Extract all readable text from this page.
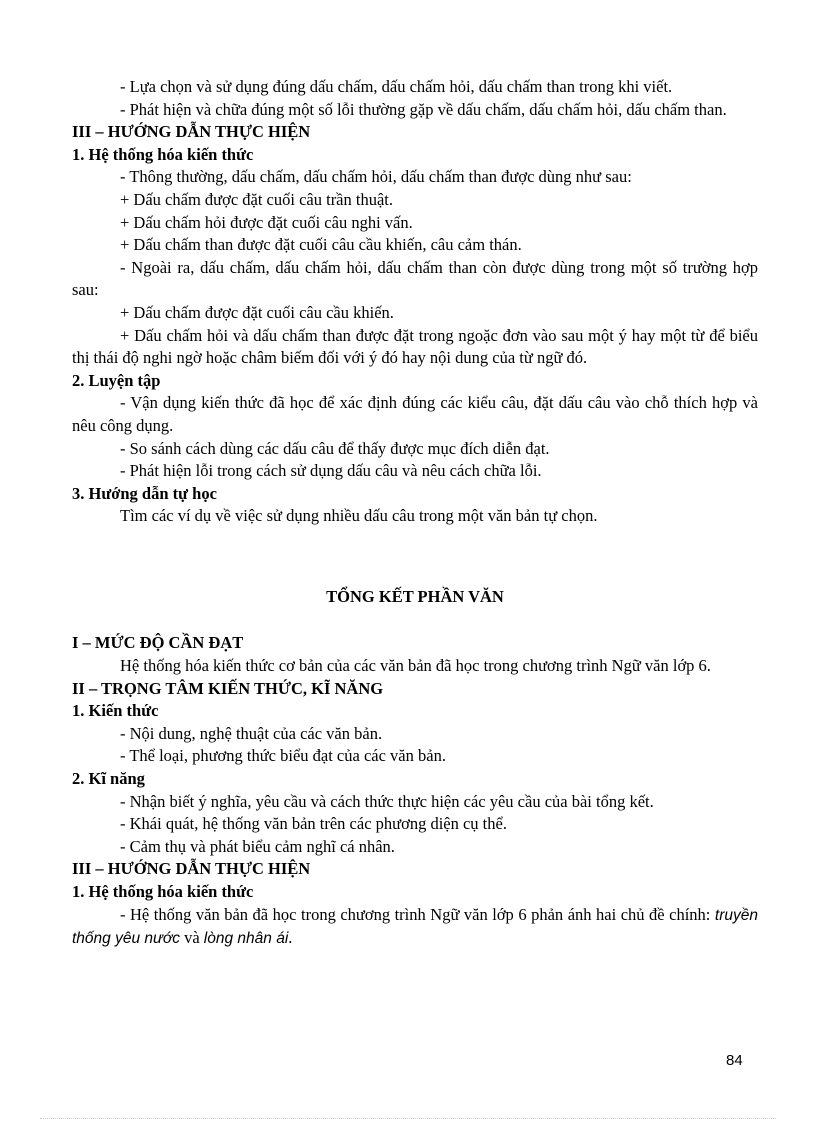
- Lựa chọn và sử dụng đúng dấu chấm, dấu chấm hỏi, dấu chấm than trong khi viết.

- Phát hiện và chữa đúng một số lỗi thường gặp về dấu chấm, dấu chấm hỏi, dấu chấm than.

III – HƯỚNG DẪN THỰC HIỆN

1. Hệ thống hóa kiến thức

- Thông thường, dấu chấm, dấu chấm hỏi, dấu chấm than được dùng như sau:

+ Dấu chấm được đặt cuối câu trần thuật.

+ Dấu chấm hỏi được đặt cuối câu nghi vấn.

+ Dấu chấm than được đặt cuối câu cầu khiến, câu cảm thán.

- Ngoài ra, dấu chấm, dấu chấm hỏi, dấu chấm than còn được dùng trong một số trường hợp sau:

+ Dấu chấm được đặt cuối câu cầu khiến.

+ Dấu chấm hỏi và dấu chấm than được đặt trong ngoặc đơn vào sau một ý hay một từ để biểu thị thái độ nghi ngờ hoặc châm biếm đối với ý đó hay nội dung của từ ngữ đó.

2. Luyện tập

- Vận dụng kiến thức đã học để xác định đúng các kiểu câu, đặt dấu câu vào chỗ thích hợp và nêu công dụng.

- So sánh cách dùng các dấu câu để thấy được mục đích diễn đạt.

- Phát hiện lỗi trong cách sử dụng dấu câu và nêu cách chữa lỗi.

3. Hướng dẫn tự học

Tìm các ví dụ về việc sử dụng nhiều dấu câu trong một văn bản tự chọn.

TỔNG KẾT PHẦN VĂN

I – MỨC ĐỘ CẦN ĐẠT

Hệ thống hóa kiến thức cơ bản của các văn bản đã học trong chương trình Ngữ văn lớp 6.

II – TRỌNG TÂM KIẾN THỨC, KĨ NĂNG

1. Kiến thức

- Nội dung, nghệ thuật của các văn bản.

- Thể loại, phương thức biểu đạt của các văn bản.

2. Kĩ năng

- Nhận biết ý nghĩa, yêu cầu và cách thức thực hiện các yêu cầu của bài tổng kết.

- Khái quát, hệ thống văn bản trên các phương diện cụ thể.

- Cảm thụ và phát biểu cảm nghĩ cá nhân.

III – HƯỚNG DẪN THỰC HIỆN

1. Hệ thống hóa kiến thức

- Hệ thống văn bản đã học trong chương trình Ngữ văn lớp 6 phản ánh hai chủ đề chính: truyền thống yêu nước và lòng nhân ái.

84
